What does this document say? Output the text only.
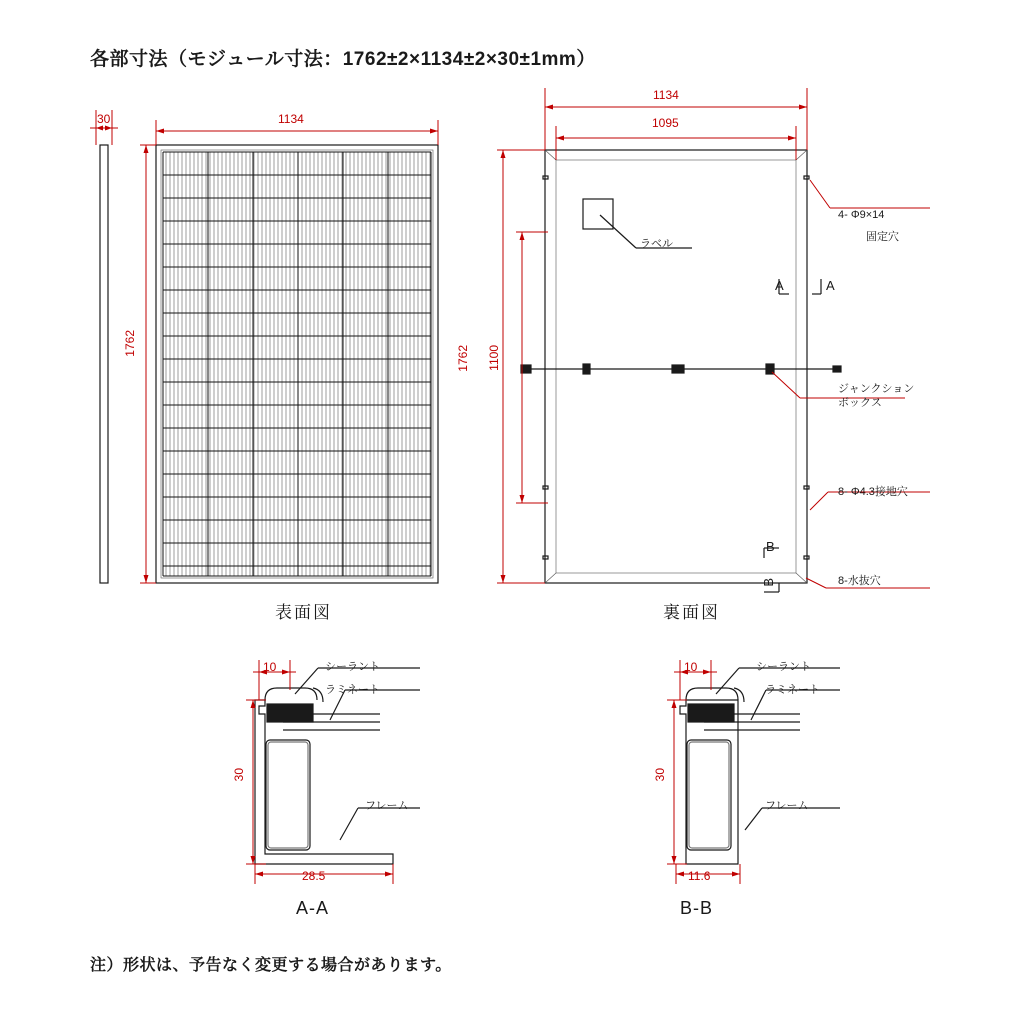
各部寸法（モジュール寸法：1762±2×1134±2×30±1mm）
30	1134
1762
表面図
1134
1095
1762 1100
裏面図
ラベル
4- Φ9×14
固定穴
ジャンクション
ボックス
8- Φ4.3接地穴
8-水抜穴
A	A
B
B
10
30
28.5
シーラント
ラミネート
フレーム
A-A
10
30
11.6
シーラント
ラミネート
フレーム
B-B
注）形状は、予告なく変更する場合があります。
